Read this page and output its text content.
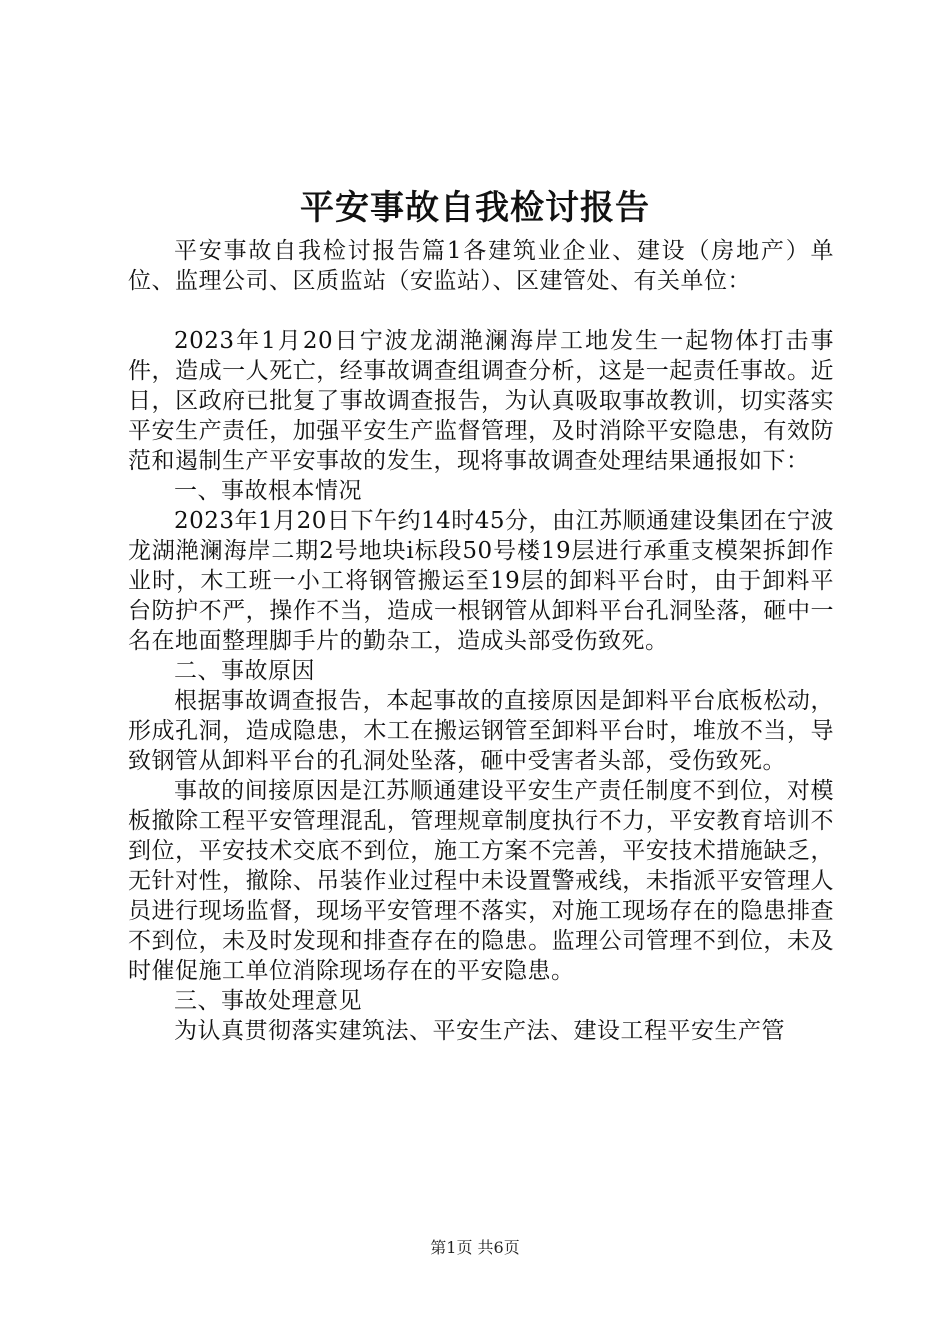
平安事故自我检讨报告

平安事故自我检讨报告篇1各建筑业企业、建设（房地产）单位、监理公司、区质监站（安监站）、区建管处、有关单位：

2023年1月20日宁波龙湖滟澜海岸工地发生一起物体打击事件，造成一人死亡，经事故调查组调查分析，这是一起责任事故。近日，区政府已批复了事故调查报告，为认真吸取事故教训，切实落实平安生产责任，加强平安生产监督管理，及时消除平安隐患，有效防范和遏制生产平安事故的发生，现将事故调查处理结果通报如下：

一、事故根本情况

2023年1月20日下午约14时45分，由江苏顺通建设集团在宁波龙湖滟澜海岸二期2号地块i标段50号楼19层进行承重支模架拆卸作业时，木工班一小工将钢管搬运至19层的卸料平台时，由于卸料平台防护不严，操作不当，造成一根钢管从卸料平台孔洞坠落，砸中一名在地面整理脚手片的勤杂工，造成头部受伤致死。

二、事故原因

根据事故调查报告，本起事故的直接原因是卸料平台底板松动，形成孔洞，造成隐患，木工在搬运钢管至卸料平台时，堆放不当，导致钢管从卸料平台的孔洞处坠落，砸中受害者头部，受伤致死。

事故的间接原因是江苏顺通建设平安生产责任制度不到位，对模板撤除工程平安管理混乱，管理规章制度执行不力，平安教育培训不到位，平安技术交底不到位，施工方案不完善，平安技术措施缺乏，无针对性，撤除、吊装作业过程中未设置警戒线，未指派平安管理人员进行现场监督，现场平安管理不落实，对施工现场存在的隐患排查不到位，未及时发现和排查存在的隐患。监理公司管理不到位，未及时催促施工单位消除现场存在的平安隐患。

三、事故处理意见

为认真贯彻落实建筑法、平安生产法、建设工程平安生产管

第1页 共6页
